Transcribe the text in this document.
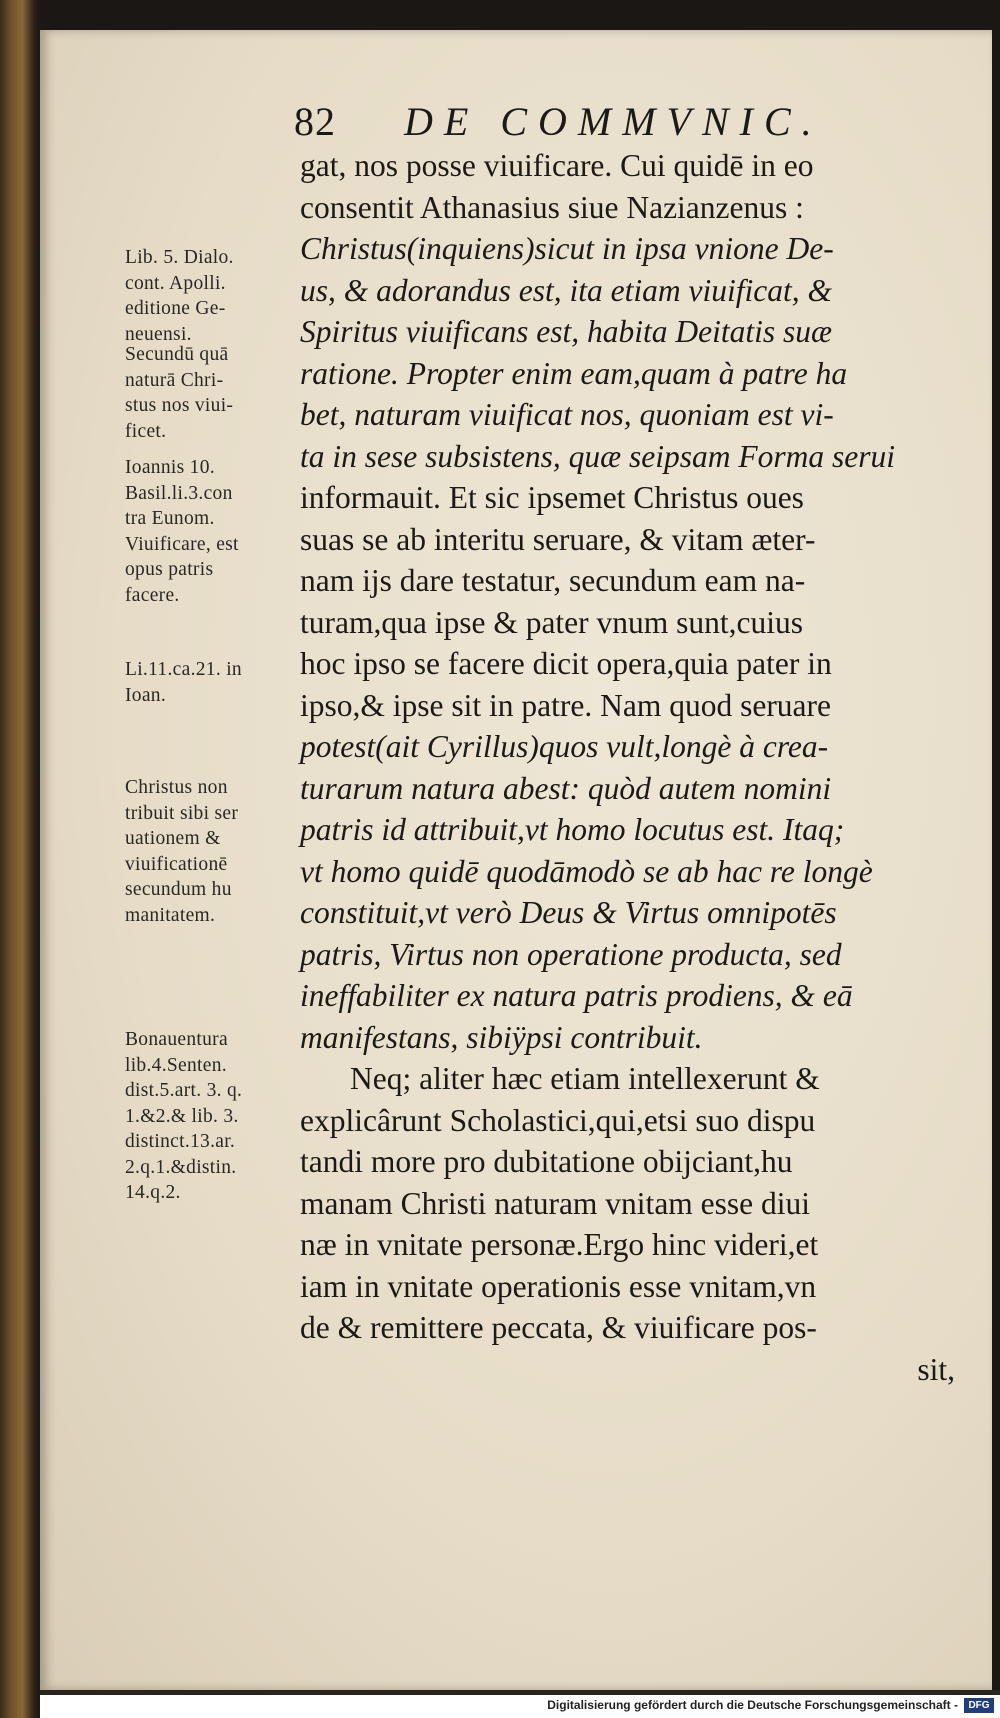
82 DE COMMVNIC.
gat, nos posse viuificare. Cui quidē in eo
consentit Athanasius siue Nazianzenus :
Christus(inquiens)sicut in ipsa vnione De-
us, & adorandus est, ita etiam viuificat, &
Spiritus viuificans est, habita Deitatis suæ
ratione. Propter enim eam,quam à patre ha
bet, naturam viuificat nos, quoniam est vi-
ta in sese subsistens, quæ seipsam Forma serui
informauit. Et sic ipsemet Christus oues
suas se ab interitu seruare, & vitam æter-
nam ijs dare testatur, secundum eam na-
turam,qua ipse & pater vnum sunt,cuius
hoc ipso se facere dicit opera,quia pater in
ipso,& ipse sit in patre. Nam quod seruare
potest(ait Cyrillus)quos vult,longè à crea-
turarum natura abest: quòd autem nomini
patris id attribuit,vt homo locutus est. Itaq;
vt homo quidē quodāmodò se ab hac re longè
constituit,vt verò Deus & Virtus omnipotēs
patris, Virtus non operatione producta, sed
ineffabiliter ex natura patris prodiens, & eā
manifestans, sibiÿpsi contribuit.
Neq; aliter hæc etiam intellexerunt &
explicârunt Scholastici,qui,etsi suo dispu
tandi more pro dubitatione obijciant,hu
manam Christi naturam vnitam esse diui
næ in vnitate personæ.Ergo hinc videri,et
iam in vnitate operationis esse vnitam,vn
de & remittere peccata, & viuificare pos-
sit,
Lib. 5. Dialo.
cont. Apolli.
editione Ge-
neuensi.
Secundū quā
naturā Chri-
stus nos viui-
ficet.
Ioannis 10.
Basil.li.3.con
tra Eunom.
Viuificare, est
opus patris
facere.
Li.11.ca.21. in
Ioan.
Christus non
tribuit sibi ser
uationem &
viuificationē
secundum hu
manitatem.
Bonauentura
lib.4.Senten.
dist.5.art. 3. q.
1.&2.& lib. 3.
distinct.13.ar.
2.q.1.&distin.
14.q.2.
Digitalisierung gefördert durch die Deutsche Forschungsgemeinschaft -	DFG
